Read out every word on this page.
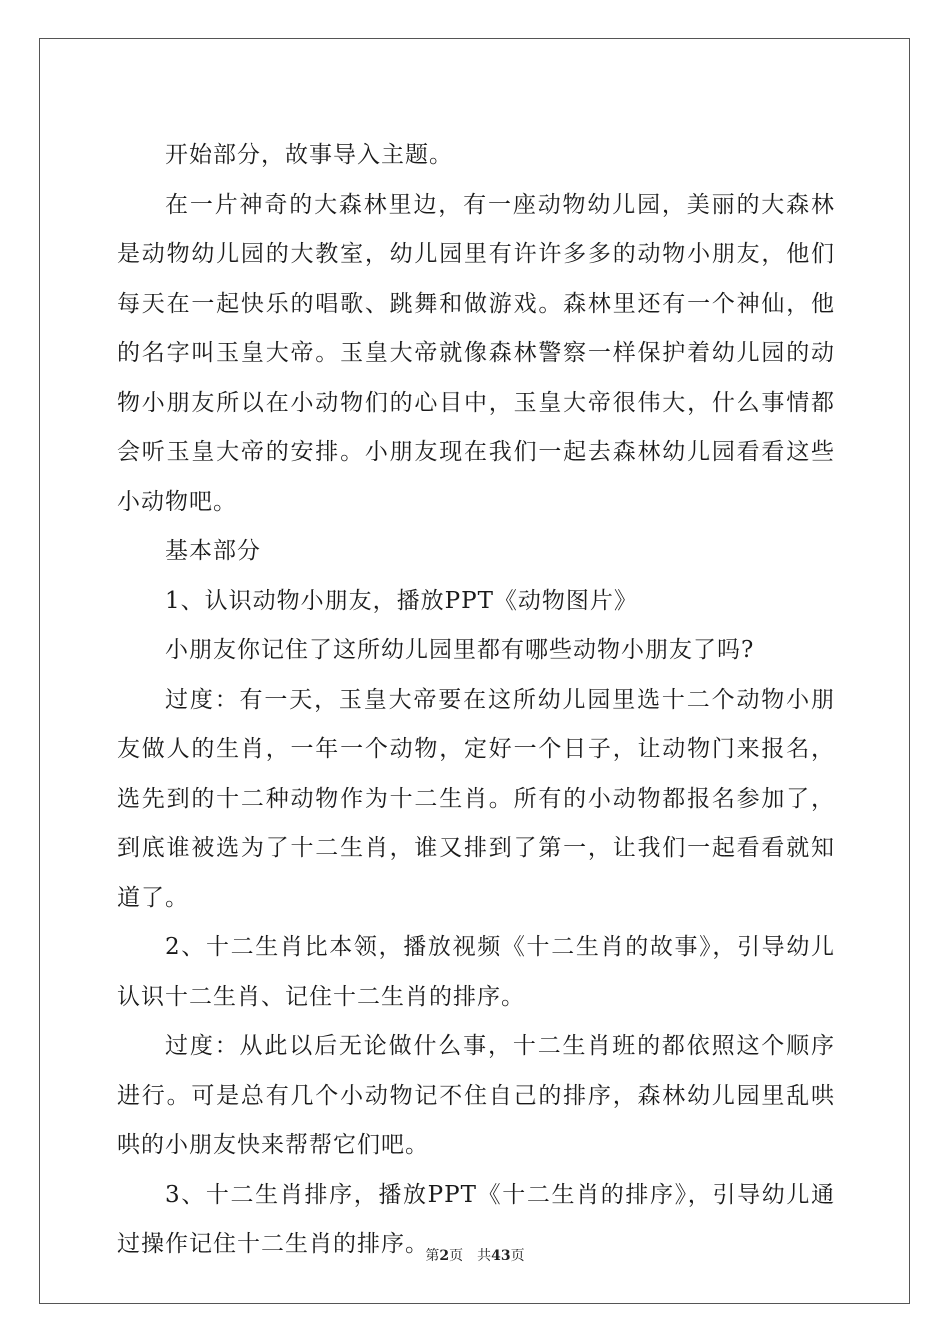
开始部分，故事导入主题。

在一片神奇的大森林里边，有一座动物幼儿园，美丽的大森林是动物幼儿园的大教室，幼儿园里有许许多多的动物小朋友，他们每天在一起快乐的唱歌、跳舞和做游戏。森林里还有一个神仙，他的名字叫玉皇大帝。玉皇大帝就像森林警察一样保护着幼儿园的动物小朋友所以在小动物们的心目中，玉皇大帝很伟大，什么事情都会听玉皇大帝的安排。小朋友现在我们一起去森林幼儿园看看这些小动物吧。

基本部分

1、认识动物小朋友，播放PPT《动物图片》

小朋友你记住了这所幼儿园里都有哪些动物小朋友了吗?

过度：有一天，玉皇大帝要在这所幼儿园里选十二个动物小朋友做人的生肖，一年一个动物，定好一个日子，让动物门来报名，选先到的十二种动物作为十二生肖。所有的小动物都报名参加了，到底谁被选为了十二生肖，谁又排到了第一，让我们一起看看就知道了。

2、十二生肖比本领，播放视频《十二生肖的故事》，引导幼儿认识十二生肖、记住十二生肖的排序。

过度：从此以后无论做什么事，十二生肖班的都依照这个顺序进行。可是总有几个小动物记不住自己的排序，森林幼儿园里乱哄哄的小朋友快来帮帮它们吧。

3、十二生肖排序，播放PPT《十二生肖的排序》，引导幼儿通过操作记住十二生肖的排序。

第2页　共43页
